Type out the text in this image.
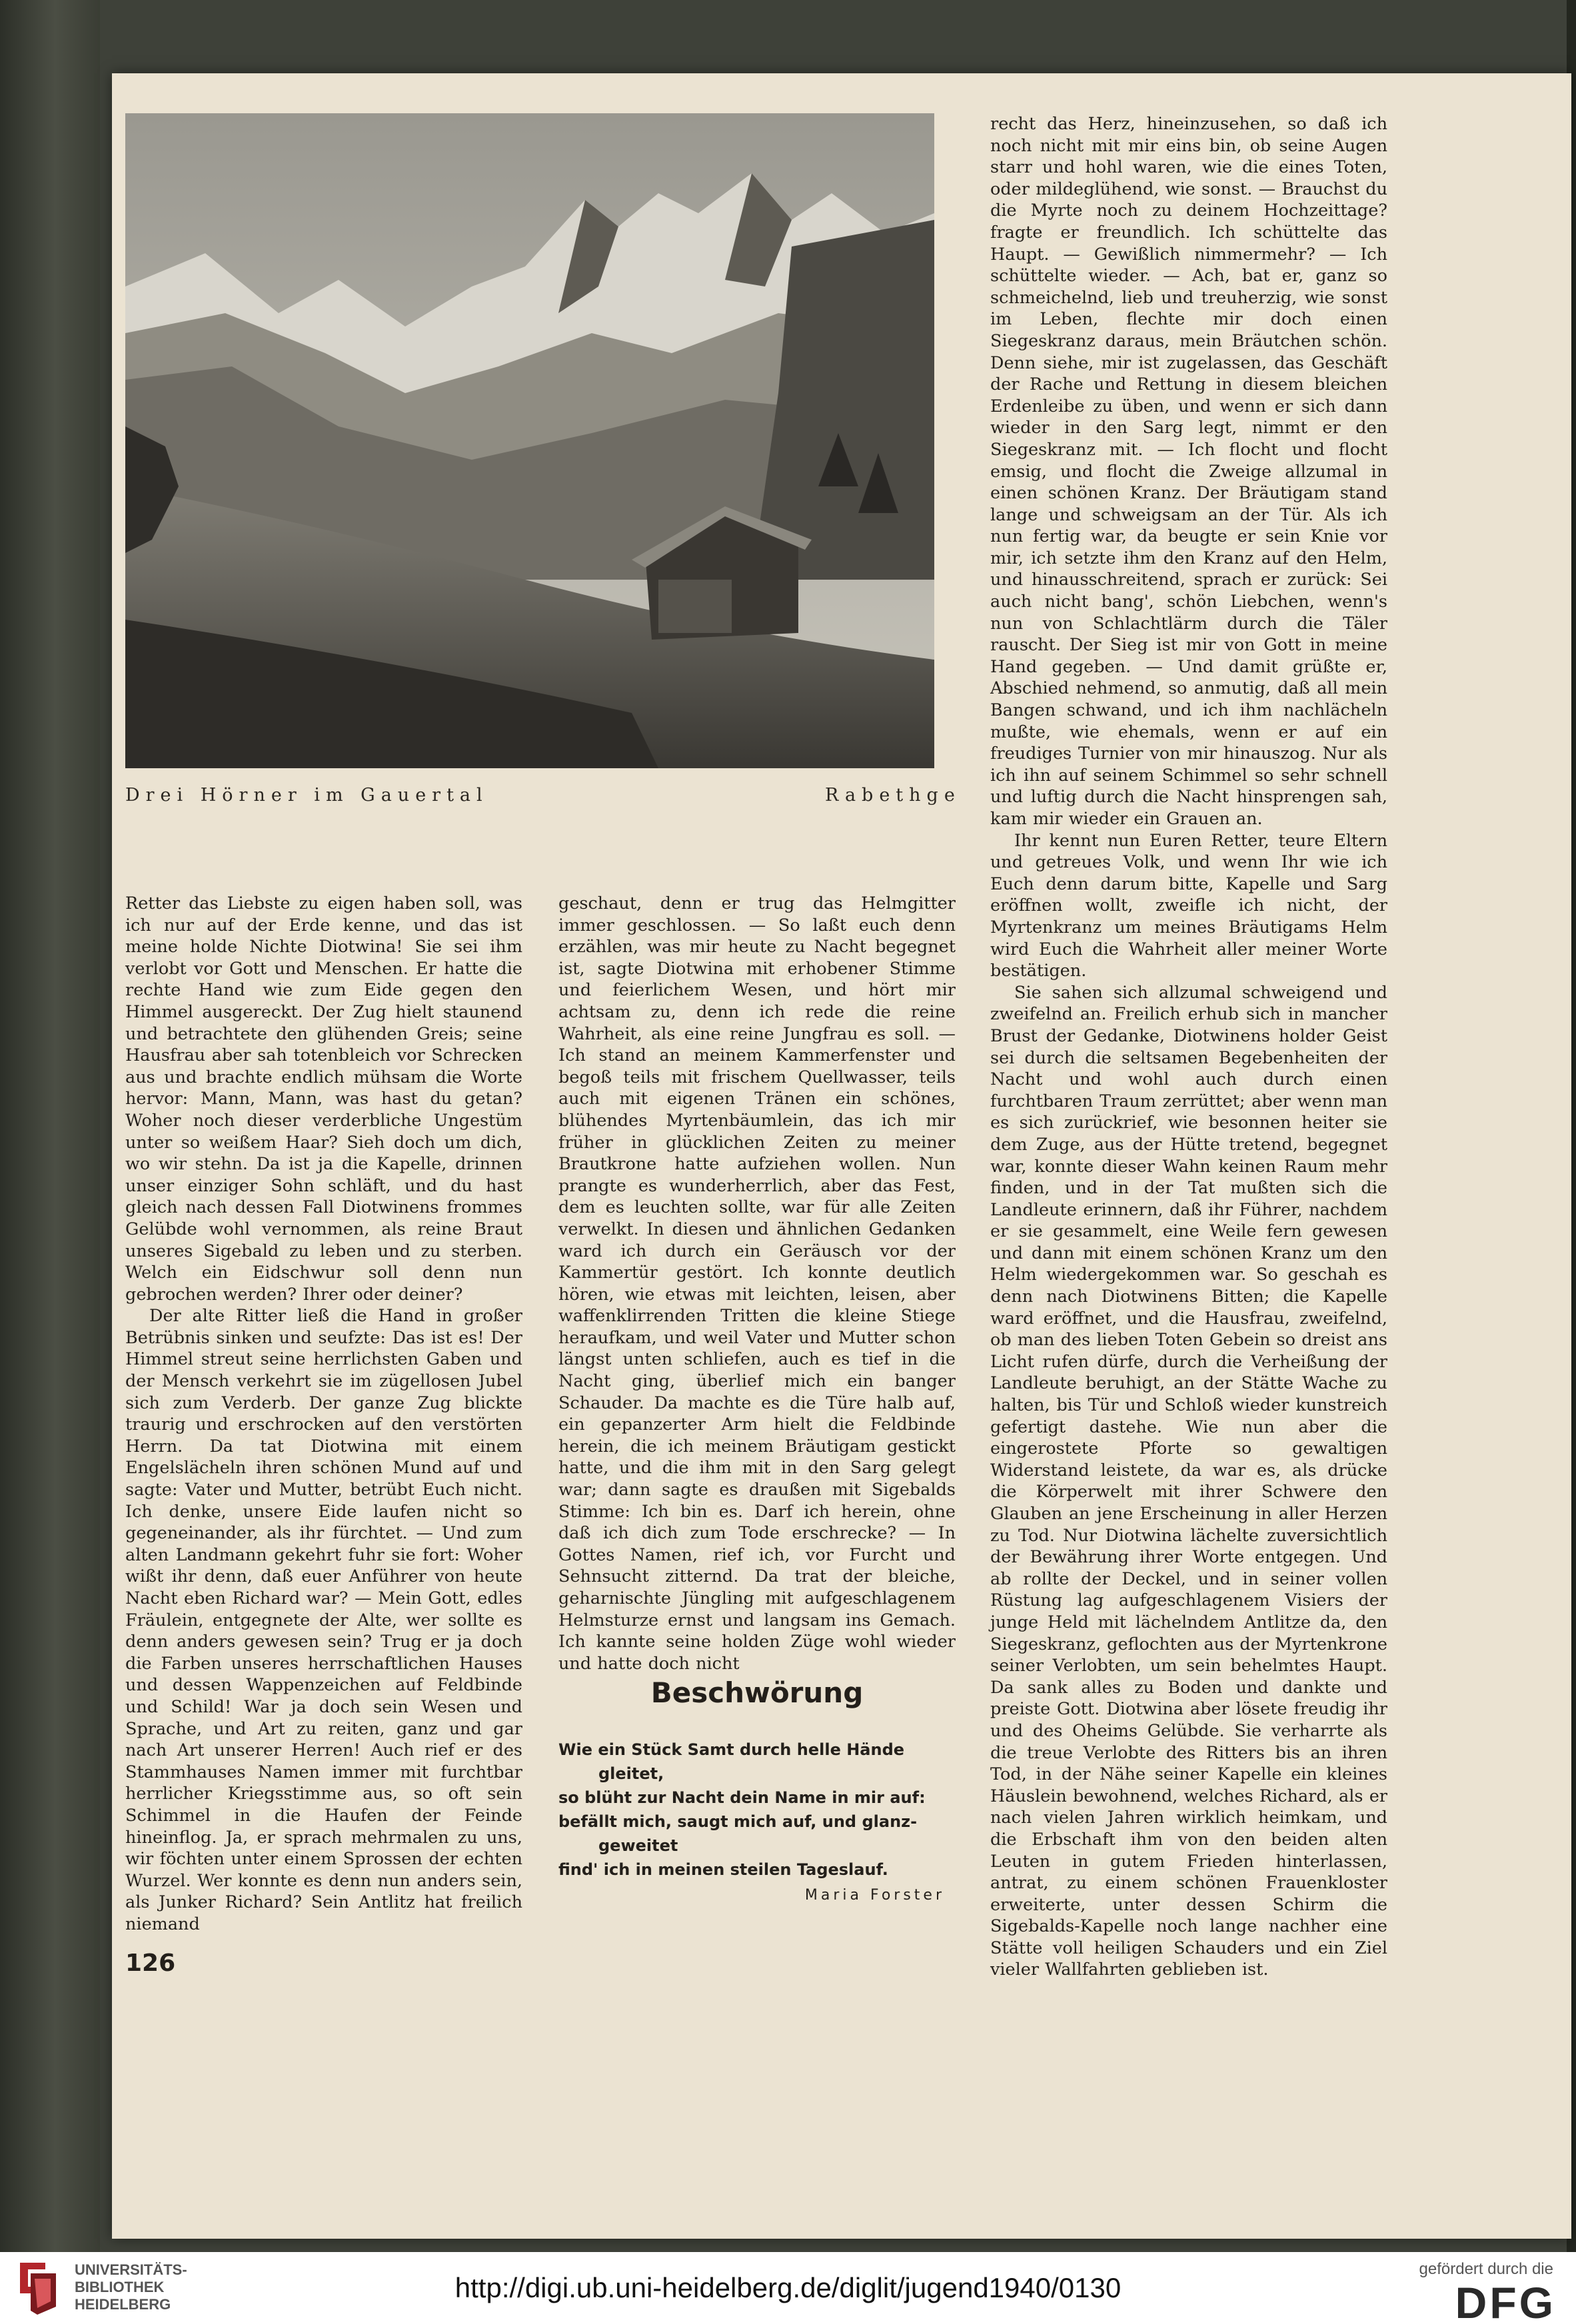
Drei Hörner im Gauertal	Rabethge

recht das Herz, hineinzusehen, so daß ich noch nicht mit mir eins bin, ob seine Augen starr und hohl waren, wie die eines Toten, oder mildeglühend, wie sonst. — Brauchst du die Myrte noch zu deinem Hochzeittage? fragte er freundlich. Ich schüttelte das Haupt. — Gewißlich nimmermehr? — Ich schüttelte wieder. — Ach, bat er, ganz so schmeichelnd, lieb und treuherzig, wie sonst im Leben, flechte mir doch einen Siegeskranz daraus, mein Bräutchen schön. Denn siehe, mir ist zugelassen, das Geschäft der Rache und Rettung in diesem bleichen Erdenleibe zu üben, und wenn er sich dann wieder in den Sarg legt, nimmt er den Siegeskranz mit. — Ich flocht und flocht emsig, und flocht die Zweige allzumal in einen schönen Kranz. Der Bräutigam stand lange und schweigsam an der Tür. Als ich nun fertig war, da beugte er sein Knie vor mir, ich setzte ihm den Kranz auf den Helm, und hinausschreitend, sprach er zurück: Sei auch nicht bang', schön Liebchen, wenn's nun von Schlachtlärm durch die Täler rauscht. Der Sieg ist mir von Gott in meine Hand gegeben. — Und damit grüßte er, Abschied nehmend, so anmutig, daß all mein Bangen schwand, und ich ihm nachlächeln mußte, wie ehemals, wenn er auf ein freudiges Turnier von mir hinauszog. Nur als ich ihn auf seinem Schimmel so sehr schnell und luftig durch die Nacht hinsprengen sah, kam mir wieder ein Grauen an.

Ihr kennt nun Euren Retter, teure Eltern und getreues Volk, und wenn Ihr wie ich Euch denn darum bitte, Kapelle und Sarg eröffnen wollt, zweifle ich nicht, der Myrtenkranz um meines Bräutigams Helm wird Euch die Wahrheit aller meiner Worte bestätigen.

Sie sahen sich allzumal schweigend und zweifelnd an. Freilich erhub sich in mancher Brust der Gedanke, Diotwinens holder Geist sei durch die seltsamen Begebenheiten der Nacht und wohl auch durch einen furchtbaren Traum zerrüttet; aber wenn man es sich zurückrief, wie besonnen heiter sie dem Zuge, aus der Hütte tretend, begegnet war, konnte dieser Wahn keinen Raum mehr finden, und in der Tat mußten sich die Landleute erinnern, daß ihr Führer, nachdem er sie gesammelt, eine Weile fern gewesen und dann mit einem schönen Kranz um den Helm wiedergekommen war. So geschah es denn nach Diotwinens Bitten; die Kapelle ward eröffnet, und die Hausfrau, zweifelnd, ob man des lieben Toten Gebein so dreist ans Licht rufen dürfe, durch die Verheißung der Landleute beruhigt, an der Stätte Wache zu halten, bis Tür und Schloß wieder kunstreich gefertigt dastehe. Wie nun aber die eingerostete Pforte so gewaltigen Widerstand leistete, da war es, als drücke die Körperwelt mit ihrer Schwere den Glauben an jene Erscheinung in aller Herzen zu Tod. Nur Diotwina lächelte zuversichtlich der Bewährung ihrer Worte entgegen. Und ab rollte der Deckel, und in seiner vollen Rüstung lag aufgeschlagenem Visiers der junge Held mit lächelndem Antlitze da, den Siegeskranz, geflochten aus der Myrtenkrone seiner Verlobten, um sein behelmtes Haupt. Da sank alles zu Boden und dankte und preiste Gott. Diotwina aber lösete freudig ihr und des Oheims Gelübde. Sie verharrte als die treue Verlobte des Ritters bis an ihren Tod, in der Nähe seiner Kapelle ein kleines Häuslein bewohnend, welches Richard, als er nach vielen Jahren wirklich heimkam, und die Erbschaft ihm von den beiden alten Leuten in gutem Frieden hinterlassen, antrat, zu einem schönen Frauenkloster erweiterte, unter dessen Schirm die Sigebalds-Kapelle noch lange nachher eine Stätte voll heiligen Schauders und ein Ziel vieler Wallfahrten geblieben ist.

Retter das Liebste zu eigen haben soll, was ich nur auf der Erde kenne, und das ist meine holde Nichte Diotwina! Sie sei ihm verlobt vor Gott und Menschen. Er hatte die rechte Hand wie zum Eide gegen den Himmel ausgereckt. Der Zug hielt staunend und betrachtete den glühenden Greis; seine Hausfrau aber sah totenbleich vor Schrecken aus und brachte endlich mühsam die Worte hervor: Mann, Mann, was hast du getan? Woher noch dieser verderbliche Ungestüm unter so weißem Haar? Sieh doch um dich, wo wir stehn. Da ist ja die Kapelle, drinnen unser einziger Sohn schläft, und du hast gleich nach dessen Fall Diotwinens frommes Gelübde wohl vernommen, als reine Braut unseres Sigebald zu leben und zu sterben. Welch ein Eidschwur soll denn nun gebrochen werden? Ihrer oder deiner?

Der alte Ritter ließ die Hand in großer Betrübnis sinken und seufzte: Das ist es! Der Himmel streut seine herrlichsten Gaben und der Mensch verkehrt sie im zügellosen Jubel sich zum Verderb. Der ganze Zug blickte traurig und erschrocken auf den verstörten Herrn. Da tat Diotwina mit einem Engelslächeln ihren schönen Mund auf und sagte: Vater und Mutter, betrübt Euch nicht. Ich denke, unsere Eide laufen nicht so gegeneinander, als ihr fürchtet. — Und zum alten Landmann gekehrt fuhr sie fort: Woher wißt ihr denn, daß euer Anführer von heute Nacht eben Richard war? — Mein Gott, edles Fräulein, entgegnete der Alte, wer sollte es denn anders gewesen sein? Trug er ja doch die Farben unseres herrschaftlichen Hauses und dessen Wappenzeichen auf Feldbinde und Schild! War ja doch sein Wesen und Sprache, und Art zu reiten, ganz und gar nach Art unserer Herren! Auch rief er des Stammhauses Namen immer mit furchtbar herrlicher Kriegsstimme aus, so oft sein Schimmel in die Haufen der Feinde hineinflog. Ja, er sprach mehrmalen zu uns, wir föchten unter einem Sprossen der echten Wurzel. Wer konnte es denn nun anders sein, als Junker Richard? Sein Antlitz hat freilich niemand

geschaut, denn er trug das Helmgitter immer geschlossen. — So laßt euch denn erzählen, was mir heute zu Nacht begegnet ist, sagte Diotwina mit erhobener Stimme und feierlichem Wesen, und hört mir achtsam zu, denn ich rede die reine Wahrheit, als eine reine Jungfrau es soll. — Ich stand an meinem Kammerfenster und begoß teils mit frischem Quellwasser, teils auch mit eigenen Tränen ein schönes, blühendes Myrtenbäumlein, das ich mir früher in glücklichen Zeiten zu meiner Brautkrone hatte aufziehen wollen. Nun prangte es wunderherrlich, aber das Fest, dem es leuchten sollte, war für alle Zeiten verwelkt. In diesen und ähnlichen Gedanken ward ich durch ein Geräusch vor der Kammertür gestört. Ich konnte deutlich hören, wie etwas mit leichten, leisen, aber waffenklirrenden Tritten die kleine Stiege heraufkam, und weil Vater und Mutter schon längst unten schliefen, auch es tief in die Nacht ging, überlief mich ein banger Schauder. Da machte es die Türe halb auf, ein gepanzerter Arm hielt die Feldbinde herein, die ich meinem Bräutigam gestickt hatte, und die ihm mit in den Sarg gelegt war; dann sagte es draußen mit Sigebalds Stimme: Ich bin es. Darf ich herein, ohne daß ich dich zum Tode erschrecke? — In Gottes Namen, rief ich, vor Furcht und Sehnsucht zitternd. Da trat der bleiche, geharnischte Jüngling mit aufgeschlagenem Helmsturze ernst und langsam ins Gemach. Ich kannte seine holden Züge wohl wieder und hatte doch nicht

Beschwörung
Wie ein Stück Samt durch helle Hände
gleitet,
so blüht zur Nacht dein Name in mir auf:
befällt mich, saugt mich auf, und glanz-
geweitet
find' ich in meinen steilen Tageslauf.
Maria Forster
126
UNIVERSITÄTS-
BIBLIOTHEK
HEIDELBERG
http://digi.ub.uni-heidelberg.de/diglit/jugend1940/0130
gefördert durch die
DFG
